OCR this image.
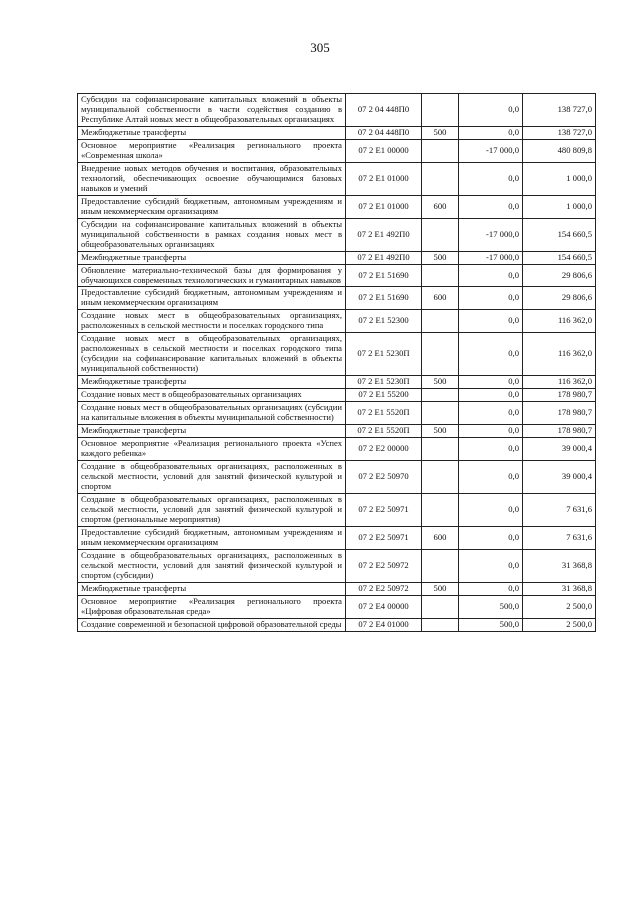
305
Субсидии на софинансирование капитальных вложений в объекты муниципальной собственности в части содействия созданию в Республике Алтай новых мест в общеобразовательных организациях	07 2 04 448П0		0,0	138 727,0
Межбюджетные трансферты	07 2 04 448П0	500	0,0	138 727,0
Основное мероприятие «Реализация регионального проекта «Современная школа»	07 2 E1 00000		-17 000,0	480 809,8
Внедрение новых методов обучения и воспитания, образовательных технологий, обеспечивающих освоение обучающимися базовых навыков и умений	07 2 E1 01000		0,0	1 000,0
Предоставление субсидий бюджетным, автономным учреждениям и иным некоммерческим организациям	07 2 E1 01000	600	0,0	1 000,0
Субсидии на софинансирование капитальных вложений в объекты муниципальной собственности в рамках создания новых мест в общеобразовательных организациях	07 2 E1 492П0		-17 000,0	154 660,5
Межбюджетные трансферты	07 2 E1 492П0	500	-17 000,0	154 660,5
Обновление материально-технической базы для формирования у обучающихся современных технологических и гуманитарных навыков	07 2 E1 51690		0,0	29 806,6
Предоставление субсидий бюджетным, автономным учреждениям и иным некоммерческим организациям	07 2 E1 51690	600	0,0	29 806,6
Создание новых мест в общеобразовательных организациях, расположенных в сельской местности и поселках городского типа	07 2 E1 52300		0,0	116 362,0
Создание новых мест в общеобразовательных организациях, расположенных в сельской местности и поселках городского типа (субсидии на софинансирование капитальных вложений в объекты муниципальной собственности)	07 2 E1 5230П		0,0	116 362,0
Межбюджетные трансферты	07 2 E1 5230П	500	0,0	116 362,0
Создание новых мест в общеобразовательных организациях	07 2 E1 55200		0,0	178 980,7
Создание новых мест в общеобразовательных организациях (субсидии на капитальные вложения в объекты муниципальной собственности)	07 2 E1 5520П		0,0	178 980,7
Межбюджетные трансферты	07 2 E1 5520П	500	0,0	178 980,7
Основное мероприятие «Реализация регионального проекта «Успех каждого ребенка»	07 2 E2 00000		0,0	39 000,4
Создание в общеобразовательных организациях, расположенных в сельской местности, условий для занятий физической культурой и спортом	07 2 E2 50970		0,0	39 000,4
Создание в общеобразовательных организациях, расположенных в сельской местности, условий для занятий физической культурой и спортом (региональные мероприятия)	07 2 E2 50971		0,0	7 631,6
Предоставление субсидий бюджетным, автономным учреждениям и иным некоммерческим организациям	07 2 E2 50971	600	0,0	7 631,6
Создание в общеобразовательных организациях, расположенных в сельской местности, условий для занятий физической культурой и спортом (субсидии)	07 2 E2 50972		0,0	31 368,8
Межбюджетные трансферты	07 2 E2 50972	500	0,0	31 368,8
Основное мероприятие «Реализация регионального проекта «Цифровая образовательная среда»	07 2 E4 00000		500,0	2 500,0
Создание современной и безопасной цифровой образовательной среды	07 2 E4 01000		500,0	2 500,0
